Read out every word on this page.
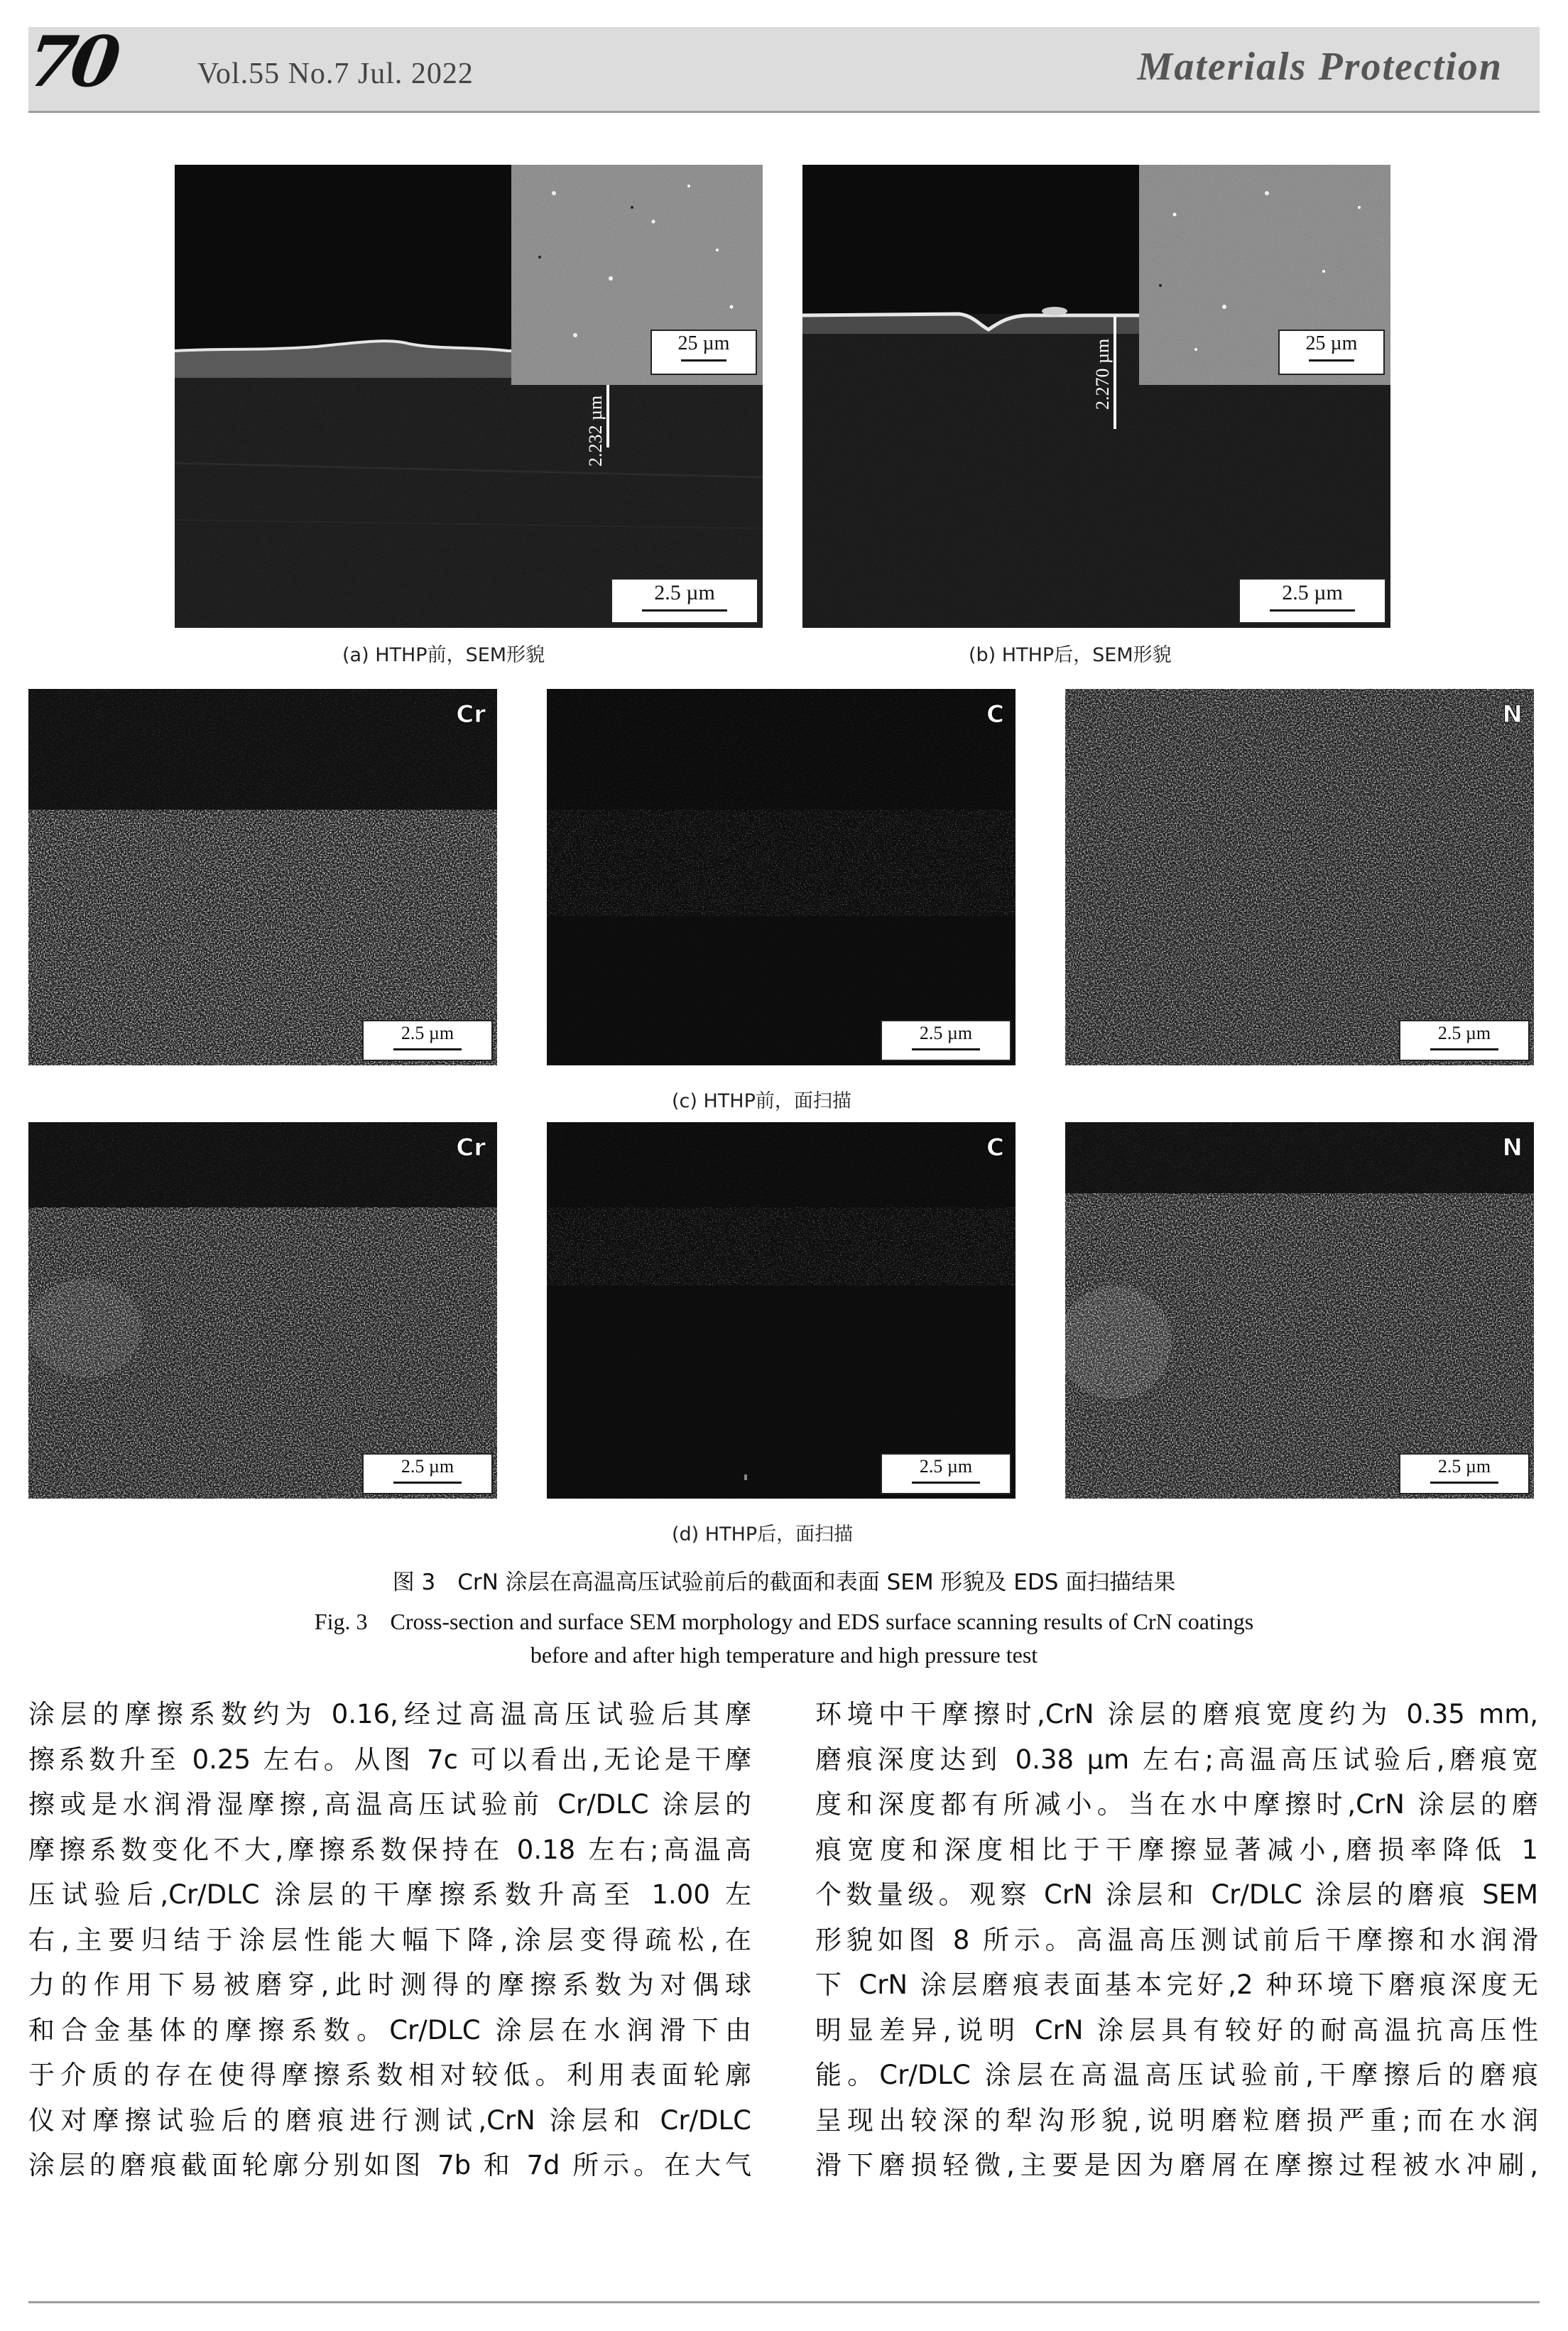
70	Vol.55 No.7 Jul. 2022	Materials Protection
25 µm
2.232 µm
2.5 µm
(a) HTHP前，SEM形貌
25 µm
2.270 µm
2.5 µm
(b) HTHP后，SEM形貌
Cr
2.5 µm
C
2.5 µm
N
2.5 µm
(c) HTHP前，面扫描
Cr
2.5 µm
C
2.5 µm
N
2.5 µm
(d) HTHP后，面扫描
图 3　CrN 涂层在高温高压试验前后的截面和表面 SEM 形貌及 EDS 面扫描结果
Fig. 3　Cross-section and surface SEM morphology and EDS surface scanning results of CrN coatings
before and after high temperature and high pressure test

涂层的摩擦系数约为 0.16,经过高温高压试验后其摩

擦系数升至 0.25 左右。从图 7c 可以看出,无论是干摩

擦或是水润滑湿摩擦,高温高压试验前 Cr/DLC 涂层的

摩擦系数变化不大,摩擦系数保持在 0.18 左右;高温高

压试验后,Cr/DLC 涂层的干摩擦系数升高至 1.00 左

右,主要归结于涂层性能大幅下降,涂层变得疏松,在

力的作用下易被磨穿,此时测得的摩擦系数为对偶球

和合金基体的摩擦系数。Cr/DLC 涂层在水润滑下由

于介质的存在使得摩擦系数相对较低。利用表面轮廓

仪对摩擦试验后的磨痕进行测试,CrN 涂层和 Cr/DLC

涂层的磨痕截面轮廓分别如图 7b 和 7d 所示。在大气

环境中干摩擦时,CrN 涂层的磨痕宽度约为 0.35 mm,

磨痕深度达到 0.38 µm 左右;高温高压试验后,磨痕宽

度和深度都有所减小。当在水中摩擦时,CrN 涂层的磨

痕宽度和深度相比于干摩擦显著减小,磨损率降低 1

个数量级。观察 CrN 涂层和 Cr/DLC 涂层的磨痕 SEM

形貌如图 8 所示。高温高压测试前后干摩擦和水润滑

下 CrN 涂层磨痕表面基本完好,2 种环境下磨痕深度无

明显差异,说明 CrN 涂层具有较好的耐高温抗高压性

能。Cr/DLC 涂层在高温高压试验前,干摩擦后的磨痕

呈现出较深的犁沟形貌,说明磨粒磨损严重;而在水润

滑下磨损轻微,主要是因为磨屑在摩擦过程被水冲刷,
